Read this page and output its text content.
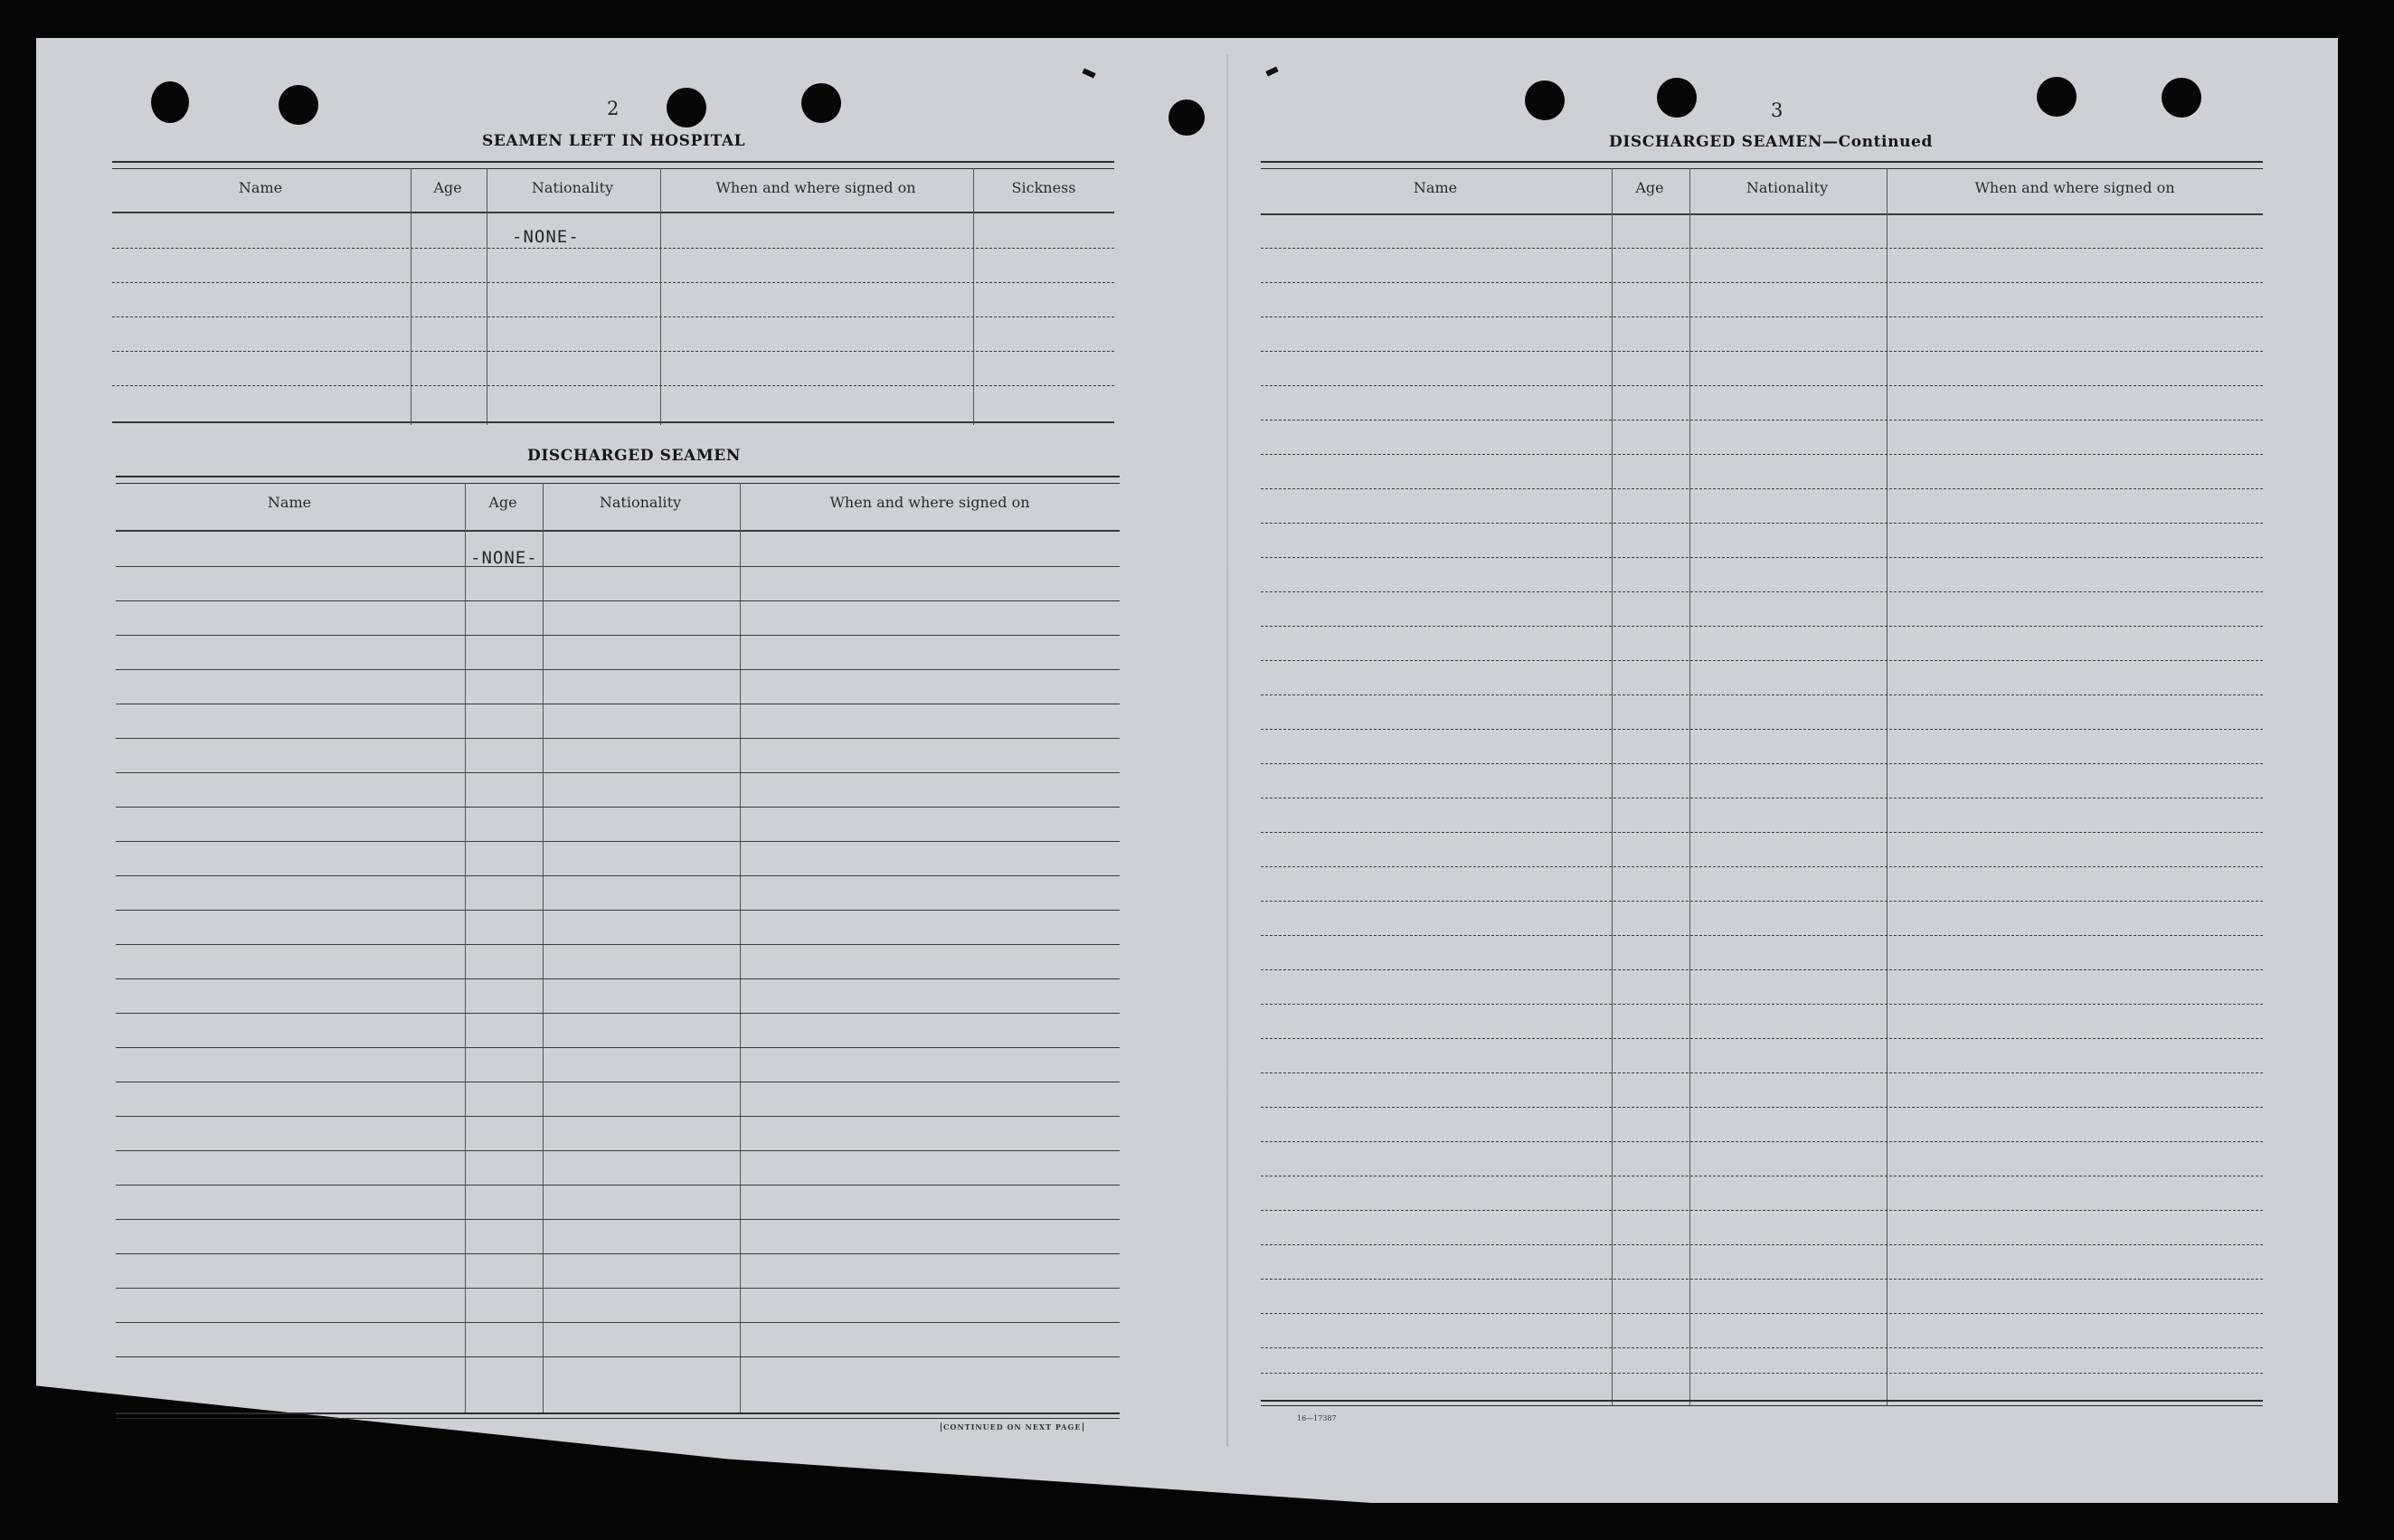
2
SEAMEN LEFT IN HOSPITAL
Name	Age	Nationality	When and where signed on	Sickness
-NONE-
DISCHARGED SEAMEN
Name	Age	Nationality	When and where signed on
-NONE-
CONTINUED ON NEXT PAGE
3
DISCHARGED SEAMEN—Continued
Name	Age	Nationality	When and where signed on
16—17387
